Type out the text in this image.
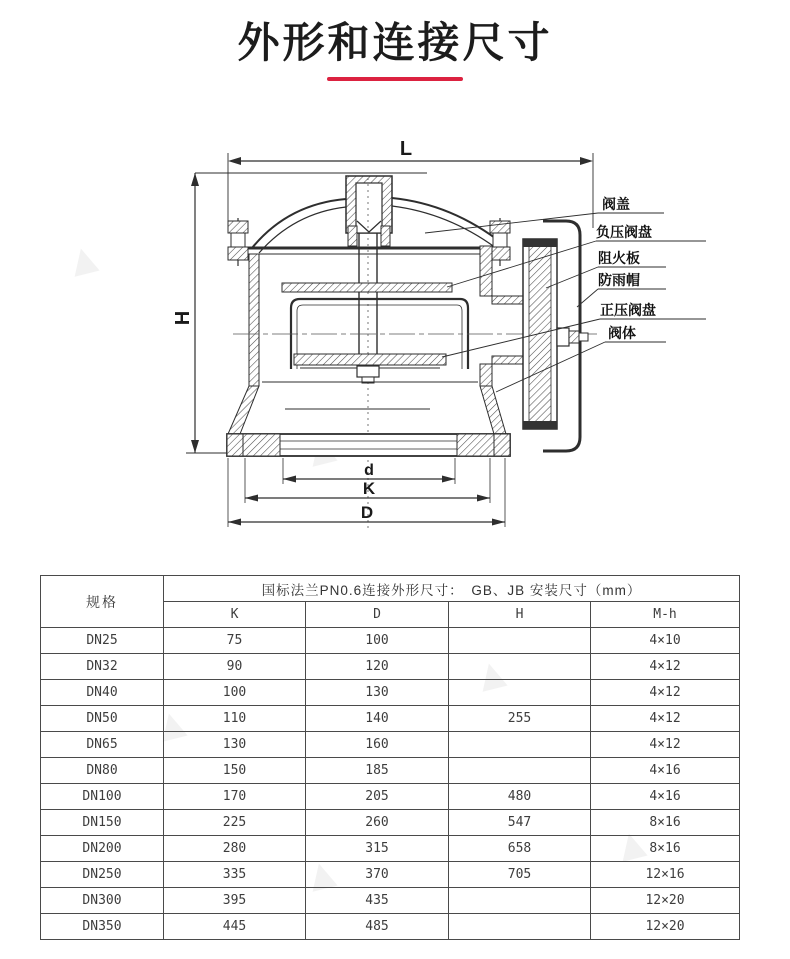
▲
▲
▲
▲
▲
外形和连接尺寸
L
H
d
K
D
阀盖
负压阀盘
阻火板
防雨帽
正压阀盘
阀体
规格	国标法兰PN0.6连接外形尺寸：　GB、JB 安装尺寸（mm）			
	K	D	H	M-h
DN25	75	100		4×10
DN32	90	120		4×12
DN40	100	130		4×12
DN50	110	140	255	4×12
DN65	130	160		4×12
DN80	150	185		4×16
DN100	170	205	480	4×16
DN150	225	260	547	8×16
DN200	280	315	658	8×16
DN250	335	370	705	12×16
DN300	395	435		12×20
DN350	445	485		12×20
